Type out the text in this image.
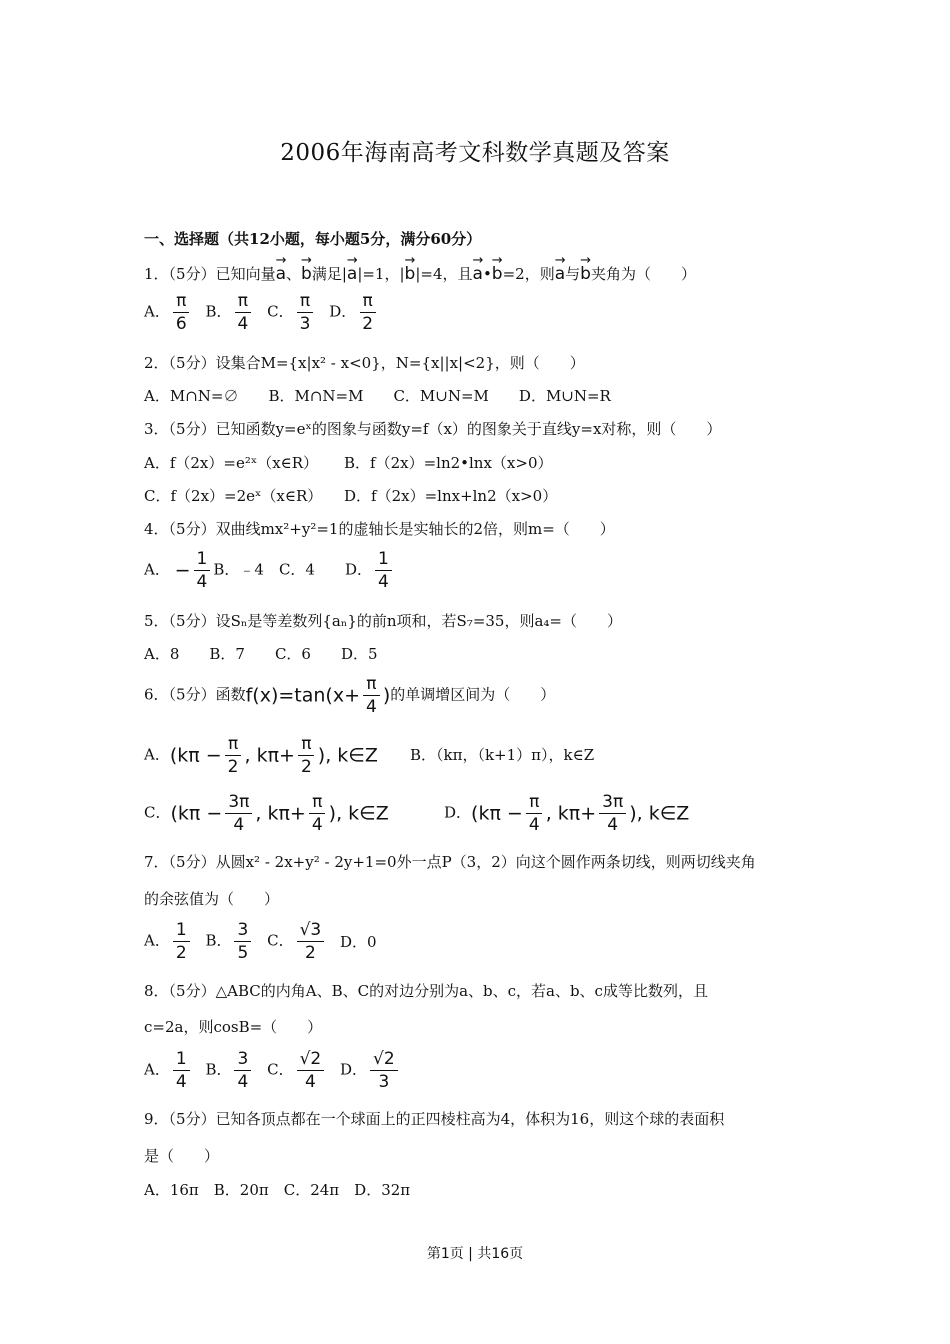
2006年海南高考文科数学真题及答案
一、选择题（共12小题，每小题5分，满分60分）
1．（5分）已知向量→ a、→ b满足|→ a|=1，|→ b|=4，且→ a•→ b=2，则→ a与→ b夹角为（　　）
A． $\frac{\pi}{6}$ B． $\frac{\pi}{4}$ C． $\frac{\pi}{3}$ D． $\frac{\pi}{2}$
2．（5分）设集合M={x|x² - x<0}，N={x||x|<2}，则（　　）
A．M∩N=∅　　B．M∩N=M　　C．M∪N=M　　D．M∪N=R
3．（5分）已知函数y=eˣ的图象与函数y=f（x）的图象关于直线y=x对称，则（　　）
A．f（2x）=e²ˣ（x∈R） B．f（2x）=ln2•lnx（x>0）
C．f（2x）=2eˣ（x∈R） D．f（2x）=lnx+ln2（x>0）
4．（5分）双曲线mx²+y²=1的虚轴长是实轴长的2倍，则m=（　　）
A． − $\frac{1}{4}$ B．﹣4　C．4　　D． $\frac{1}{4}$
5．（5分）设Sₙ是等差数列{aₙ}的前n项和，若S₇=35，则a₄=（　　）
A．8　　B．7　　C．6　　D．5
6．（5分）函数$f(x)=\tan(x+ \frac{\pi}{4}$ )的单调增区间为（　　）
A．($k\pi - \frac{\pi}{2}$ , $k\pi+ \frac{\pi}{2}$ ), k∈Z B．（kπ，（k+1）π），k∈Z
C．($k\pi - \frac{3\pi}{4}$ , $k\pi+ \frac{\pi}{4}$ ), k∈Z	D．($k\pi - \frac{\pi}{4}$ , $k\pi+ \frac{3\pi}{4}$ ), k∈Z
7．（5分）从圆x² - 2x+y² - 2y+1=0外一点P（3，2）向这个圆作两条切线，则两切线夹角
的余弦值为（　　）
A． $\frac{1}{2}$ B． $\frac{3}{5}$ C． $\frac{√3}{2}$ D．0
8．（5分）△ABC的内角A、B、C的对边分别为a、b、c，若a、b、c成等比数列，且
c=2a，则cosB=（　　）
A． $\frac{1}{4}$ B． $\frac{3}{4}$ C． $\frac{√2}{4}$ D． $\frac{√2}{3}$
9．（5分）已知各顶点都在一个球面上的正四棱柱高为4，体积为16，则这个球的表面积
是（　　）
A．16π　B．20π　C．24π　D．32π
第1页 | 共16页
